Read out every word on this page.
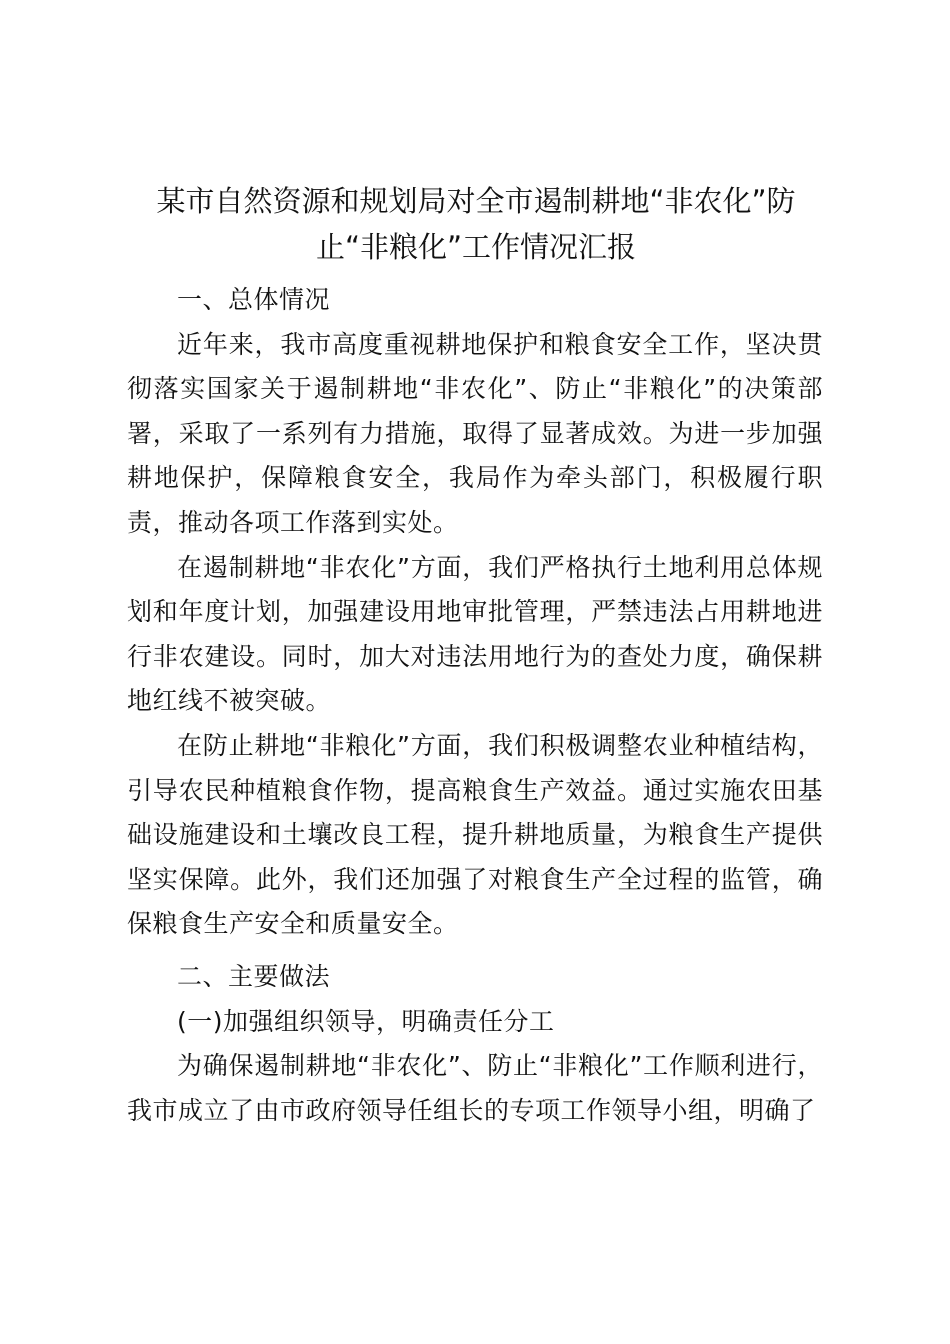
某市自然资源和规划局对全市遏制耕地“非农化”防止“非粮化”工作情况汇报

一、总体情况

近年来，我市高度重视耕地保护和粮食安全工作，坚决贯彻落实国家关于遏制耕地“非农化”、防止“非粮化”的决策部署，采取了一系列有力措施，取得了显著成效。为进一步加强耕地保护，保障粮食安全，我局作为牵头部门，积极履行职责，推动各项工作落到实处。

在遏制耕地“非农化”方面，我们严格执行土地利用总体规划和年度计划，加强建设用地审批管理，严禁违法占用耕地进行非农建设。同时，加大对违法用地行为的查处力度，确保耕地红线不被突破。

在防止耕地“非粮化”方面，我们积极调整农业种植结构，引导农民种植粮食作物，提高粮食生产效益。通过实施农田基础设施建设和土壤改良工程，提升耕地质量，为粮食生产提供坚实保障。此外，我们还加强了对粮食生产全过程的监管，确保粮食生产安全和质量安全。

二、主要做法

(一)加强组织领导，明确责任分工

为确保遏制耕地“非农化”、防止“非粮化”工作顺利进行，我市成立了由市政府领导任组长的专项工作领导小组，明确了
